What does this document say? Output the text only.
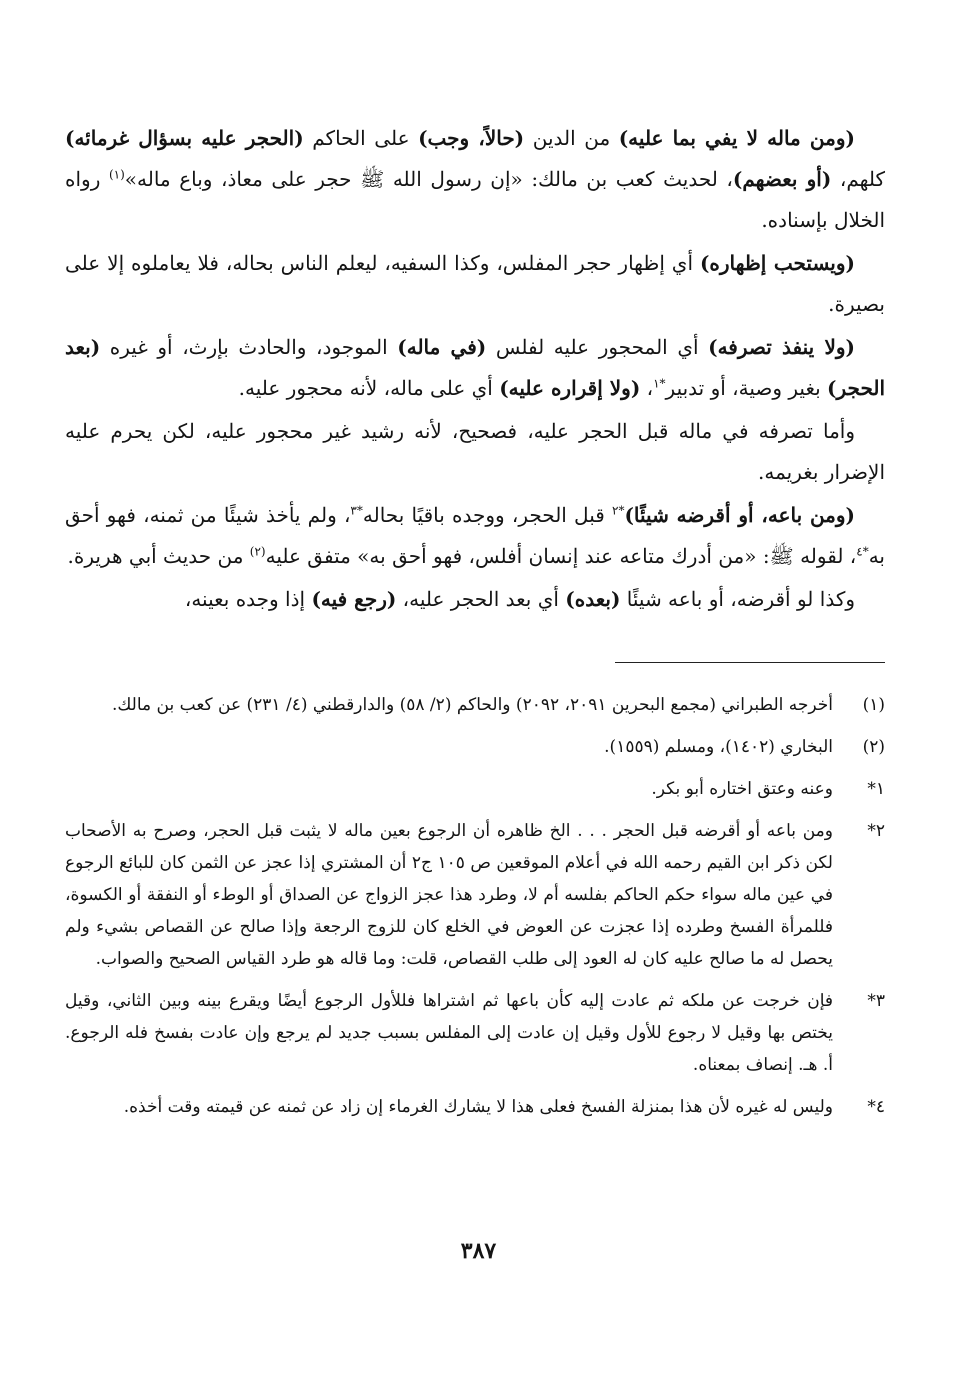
(ومن ماله لا يفي بما عليه) من الدين (حالاً، وجب) على الحاكم (الحجر عليه بسؤال غرمائه) كلهم، (أو بعضهم)، لحديث كعب بن مالك: «إن رسول الله ﷺ حجر على معاذ، وباع ماله»$^{(١)}$ رواه الخلال بإسناده.

(ويستحب إظهاره) أي إظهار حجر المفلس، وكذا السفيه، ليعلم الناس بحاله، فلا يعاملوه إلا على بصيرة.

(ولا ينفذ تصرفه) أي المحجور عليه لفلس (في ماله) الموجود، والحادث بإرث، أو غيره (بعد الحجر) بغير وصية، أو تدبير$^{*١}$، (ولا إقراره عليه) أي على ماله، لأنه محجور عليه.

وأما تصرفه في ماله قبل الحجر عليه، فصحيح، لأنه رشيد غير محجور عليه، لكن يحرم عليه الإضرار بغريمه.

(ومن باعه، أو أقرضه شيئًا)$^{*٢}$ قبل الحجر، ووجده باقيًا بحاله$^{*٣}$، ولم يأخذ شيئًا من ثمنه، فهو أحق به$^{*٤}$، لقوله ﷺ: «من أدرك متاعه عند إنسان أفلس، فهو أحق به» متفق عليه$^{(٢)}$ من حديث أبي هريرة.

وكذا لو أقرضه، أو باعه شيئًا (بعده) أي بعد الحجر عليه، (رجع فيه) إذا وجده بعينه،

(١)
أخرجه الطبراني (مجمع البحرين ٢٠٩١، ٢٠٩٢) والحاكم (٢/ ٥٨) والدارقطني (٤/ ٢٣١) عن كعب بن مالك.
(٢)
البخاري (١٤٠٢)، ومسلم (١٥٥٩).
١*
وعنه وعتق اختاره أبو بكر.
٢*
ومن باعه أو أقرضه قبل الحجر . . . الخ ظاهره أن الرجوع بعين ماله لا يثبت قبل الحجر، وصرح به الأصحاب لكن ذكر ابن القيم رحمه الله في أعلام الموقعين ص ١٠٥ ج٢ أن المشتري إذا عجز عن الثمن كان للبائع الرجوع في عين ماله سواء حكم الحاكم بفلسه أم لا، وطرد هذا عجز الزواج عن الصداق أو الوطء أو النفقة أو الكسوة، فللمرأة الفسخ وطرده إذا عجزت عن العوض في الخلع كان للزوج الرجعة وإذا صالح عن القصاص بشيء ولم يحصل له ما صالح عليه كان له العود إلى طلب القصاص، قلت: وما قاله هو طرد القياس الصحيح والصواب.
٣*
فإن خرجت عن ملكه ثم عادت إليه كأن باعها ثم اشتراها فللأول الرجوع أيضًا ويقرع بينه وبين الثاني، وقيل يختص بها وقيل لا رجوع للأول وقيل إن عادت إلى المفلس بسبب جديد لم يرجع وإن عادت بفسخ فله الرجوع. أ. هـ. إنصاف بمعناه.
٤*
وليس له غيره لأن هذا بمنزلة الفسخ فعلى هذا لا يشارك الغرماء إن زاد عن ثمنه عن قيمته وقت أخذه.
٣٨٧
